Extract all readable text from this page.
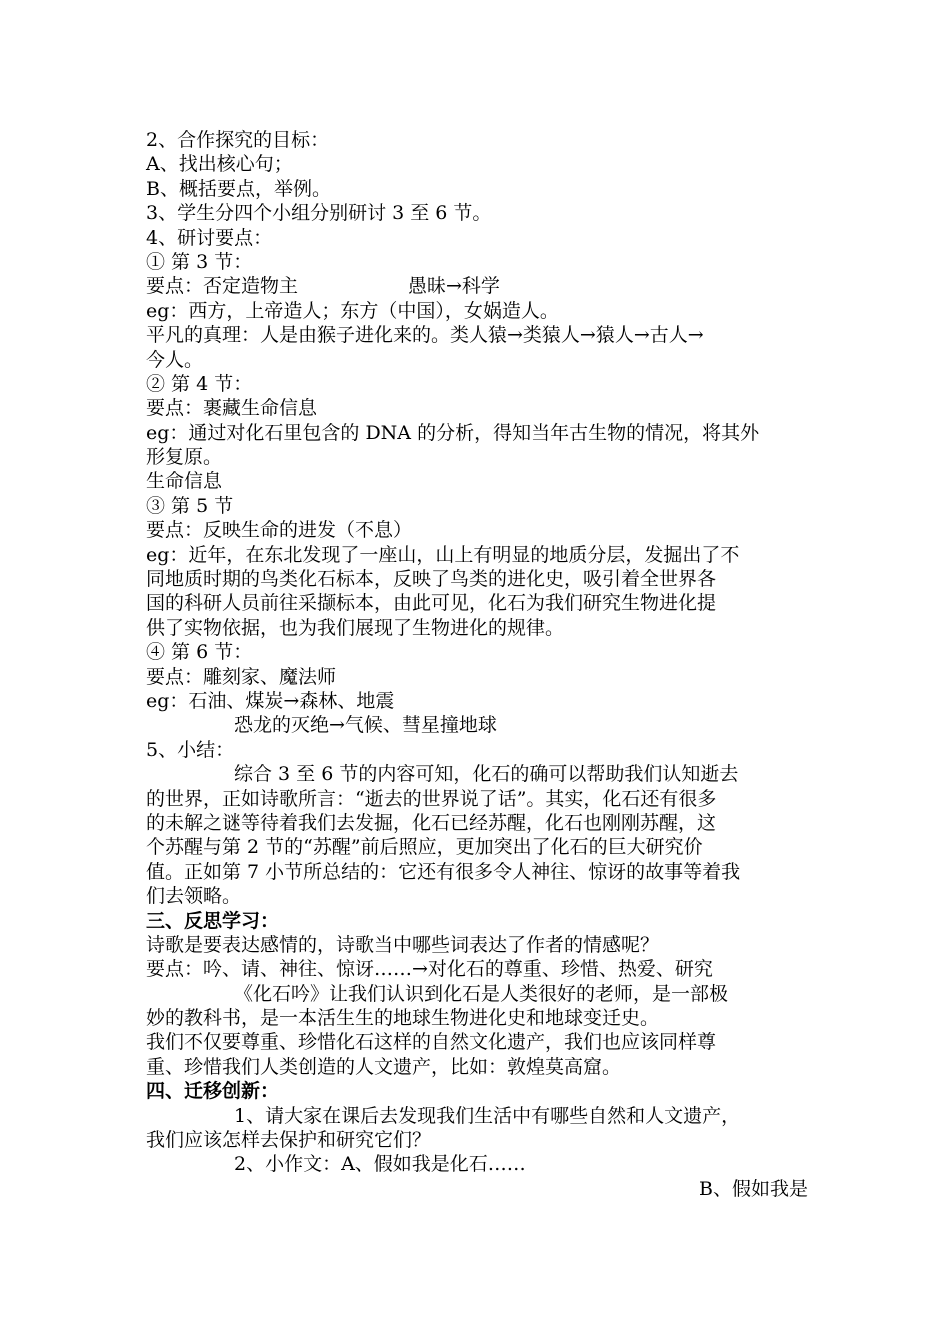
2、合作探究的目标：
A、找出核心句；
B、概括要点，举例。
3、学生分四个小组分别研讨 3 至 6 节。
4、研讨要点：
① 第 3 节：
要点：否定造物主	愚昧→科学
eg：西方，上帝造人；东方（中国），女娲造人。
平凡的真理：人是由猴子进化来的。类人猿→类猿人→猿人→古人→
今人。
② 第 4 节：
要点：裹藏生命信息
eg：通过对化石里包含的 DNA 的分析，得知当年古生物的情况，将其外
形复原。
生命信息
③ 第 5 节
要点：反映生命的进发（不息）
eg：近年，在东北发现了一座山，山上有明显的地质分层，发掘出了不
同地质时期的鸟类化石标本，反映了鸟类的进化史，吸引着全世界各
国的科研人员前往采撷标本，由此可见，化石为我们研究生物进化提
供了实物依据，也为我们展现了生物进化的规律。
④ 第 6 节：
要点：雕刻家、魔法师
eg：石油、煤炭→森林、地震
恐龙的灭绝→气候、彗星撞地球
5、小结：
综合 3 至 6 节的内容可知，化石的确可以帮助我们认知逝去
的世界，正如诗歌所言：“逝去的世界说了话”。其实，化石还有很多
的未解之谜等待着我们去发掘，化石已经苏醒，化石也刚刚苏醒，这
个苏醒与第 2 节的“苏醒”前后照应，更加突出了化石的巨大研究价
值。正如第 7 小节所总结的：它还有很多令人神往、惊讶的故事等着我
们去领略。
三、反思学习：
诗歌是要表达感情的，诗歌当中哪些词表达了作者的情感呢？
要点：吟、请、神往、惊讶……→对化石的尊重、珍惜、热爱、研究
《化石吟》让我们认识到化石是人类很好的老师，是一部极
妙的教科书，是一本活生生的地球生物进化史和地球变迁史。
我们不仅要尊重、珍惜化石这样的自然文化遗产，我们也应该同样尊
重、珍惜我们人类创造的人文遗产，比如：敦煌莫高窟。
四、迁移创新：
1、请大家在课后去发现我们生活中有哪些自然和人文遗产，
我们应该怎样去保护和研究它们？
2、小作文：A、假如我是化石……
B、假如我是
